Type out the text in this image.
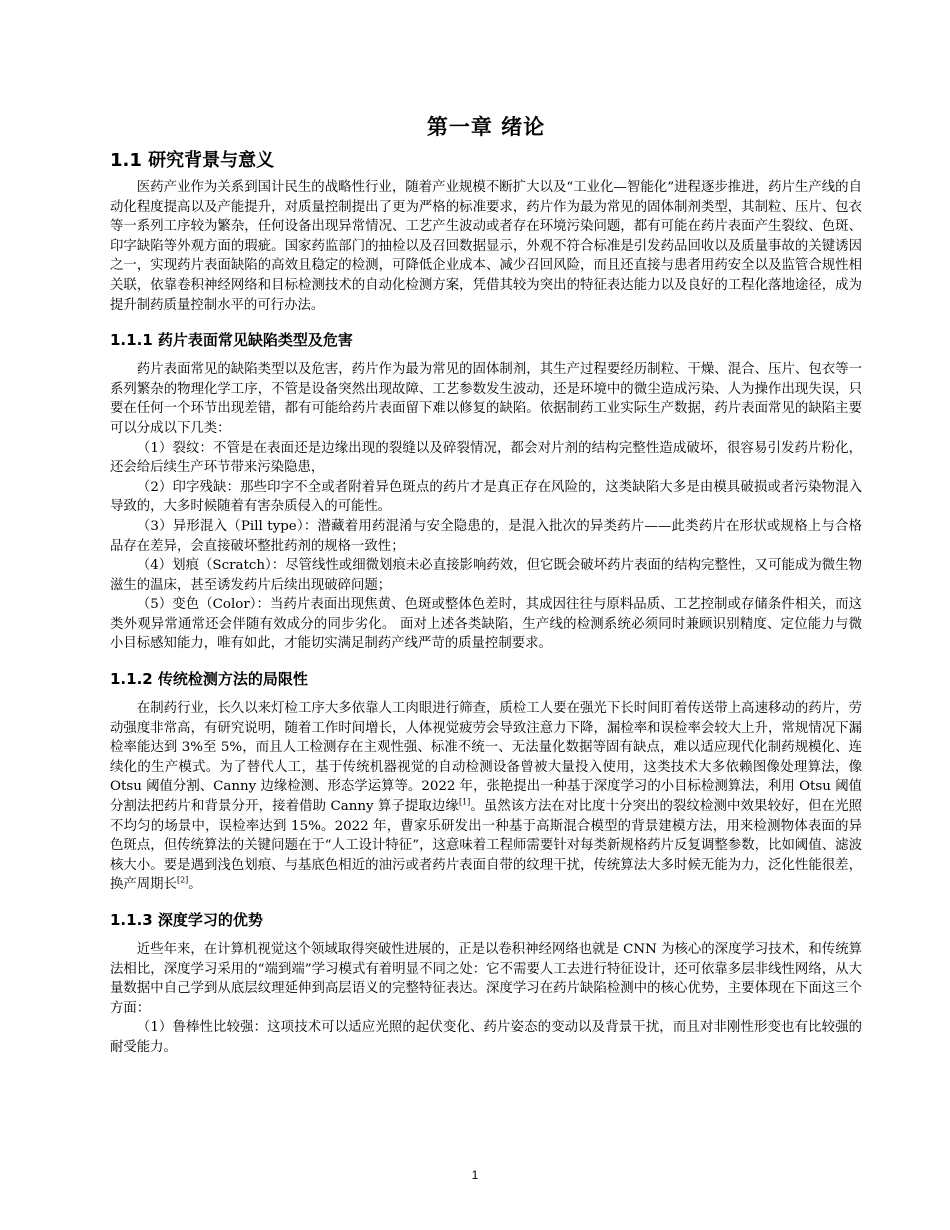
第一章 绪论
1.1 研究背景与意义

医药产业作为关系到国计民生的战略性行业，随着产业规模不断扩大以及“工业化—智能化”进程逐步推进，药片生产线的自动化程度提高以及产能提升，对质量控制提出了更为严格的标准要求，药片作为最为常见的固体制剂类型，其制粒、压片、包衣等一系列工序较为繁杂，任何设备出现异常情况、工艺产生波动或者存在环境污染问题，都有可能在药片表面产生裂纹、色斑、印字缺陷等外观方面的瑕疵。国家药监部门的抽检以及召回数据显示，外观不符合标准是引发药品回收以及质量事故的关键诱因之一，实现药片表面缺陷的高效且稳定的检测，可降低企业成本、减少召回风险，而且还直接与患者用药安全以及监管合规性相关联，依靠卷积神经网络和目标检测技术的自动化检测方案，凭借其较为突出的特征表达能力以及良好的工程化落地途径，成为提升制药质量控制水平的可行办法。

1.1.1 药片表面常见缺陷类型及危害

药片表面常见的缺陷类型以及危害，药片作为最为常见的固体制剂，其生产过程要经历制粒、干燥、混合、压片、包衣等一系列繁杂的物理化学工序，不管是设备突然出现故障、工艺参数发生波动，还是环境中的微尘造成污染、人为操作出现失误，只要在任何一个环节出现差错，都有可能给药片表面留下难以修复的缺陷。依据制药工业实际生产数据，药片表面常见的缺陷主要可以分成以下几类：

（1）裂纹：不管是在表面还是边缘出现的裂缝以及碎裂情况，都会对片剂的结构完整性造成破坏，很容易引发药片粉化，还会给后续生产环节带来污染隐患，

（2）印字残缺：那些印字不全或者附着异色斑点的药片才是真正存在风险的，这类缺陷大多是由模具破损或者污染物混入导致的，大多时候随着有害杂质侵入的可能性。

（3）异形混入（Pill type）：潜藏着用药混淆与安全隐患的，是混入批次的异类药片——此类药片在形状或规格上与合格品存在差异，会直接破坏整批药剂的规格一致性；

（4）划痕（Scratch）：尽管线性或细微划痕未必直接影响药效，但它既会破坏药片表面的结构完整性，又可能成为微生物滋生的温床，甚至诱发药片后续出现破碎问题；

（5）变色（Color）：当药片表面出现焦黄、色斑或整体色差时，其成因往往与原料品质、工艺控制或存储条件相关，而这类外观异常通常还会伴随有效成分的同步劣化。 面对上述各类缺陷，生产线的检测系统必须同时兼顾识别精度、定位能力与微小目标感知能力，唯有如此，才能切实满足制药产线严苛的质量控制要求。

1.1.2 传统检测方法的局限性

在制药行业，长久以来灯检工序大多依靠人工肉眼进行筛查，质检工人要在强光下长时间盯着传送带上高速移动的药片，劳动强度非常高，有研究说明，随着工作时间增长，人体视觉疲劳会导致注意力下降，漏检率和误检率会较大上升，常规情况下漏检率能达到 3%至 5%，而且人工检测存在主观性强、标准不统一、无法量化数据等固有缺点，难以适应现代化制药规模化、连续化的生产模式。为了替代人工，基于传统机器视觉的自动检测设备曾被大量投入使用，这类技术大多依赖图像处理算法，像 Otsu 阈值分割、Canny 边缘检测、形态学运算等。2022 年，张艳提出一种基于深度学习的小目标检测算法，利用 Otsu 阈值分割法把药片和背景分开，接着借助 Canny 算子提取边缘[1]。虽然该方法在对比度十分突出的裂纹检测中效果较好，但在光照不均匀的场景中，误检率达到 15%。2022 年，曹家乐研发出一种基于高斯混合模型的背景建模方法，用来检测物体表面的异色斑点，但传统算法的关键问题在于“人工设计特征”，这意味着工程师需要针对每类新规格药片反复调整参数，比如阈值、滤波核大小。要是遇到浅色划痕、与基底色相近的油污或者药片表面自带的纹理干扰，传统算法大多时候无能为力，泛化性能很差，换产周期长[2]。

1.1.3 深度学习的优势

近些年来，在计算机视觉这个领域取得突破性进展的，正是以卷积神经网络也就是 CNN 为核心的深度学习技术，和传统算法相比，深度学习采用的“端到端”学习模式有着明显不同之处：它不需要人工去进行特征设计，还可依靠多层非线性网络，从大量数据中自己学到从底层纹理延伸到高层语义的完整特征表达。深度学习在药片缺陷检测中的核心优势，主要体现在下面这三个方面：

（1）鲁棒性比较强：这项技术可以适应光照的起伏变化、药片姿态的变动以及背景干扰，而且对非刚性形变也有比较强的耐受能力。

1
